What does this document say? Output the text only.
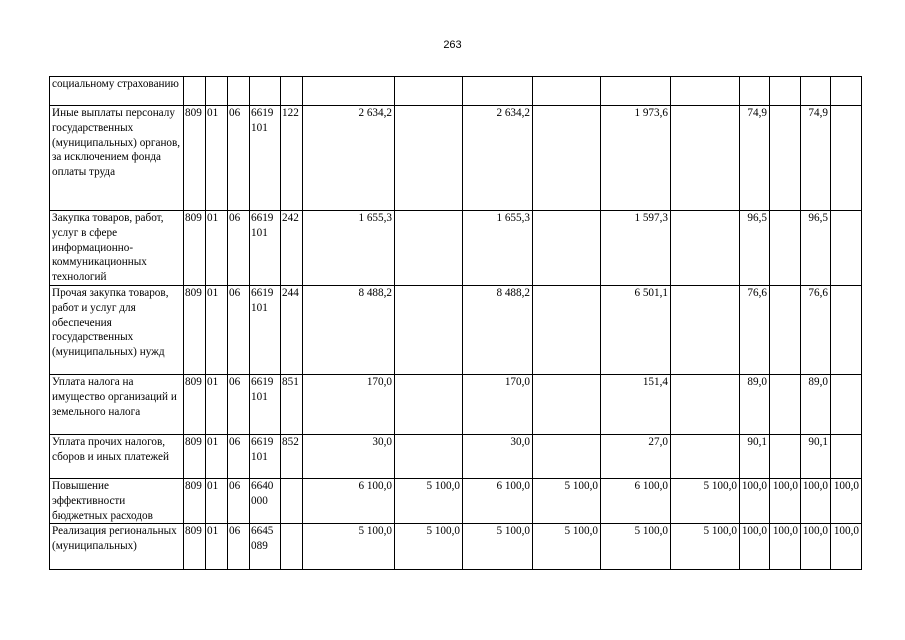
263
социальному страхованию															
Иные выплаты персоналу государственных (муниципальных) органов, за исключением фонда оплаты труда	809	01	06	6619 101	122	2 634,2		2 634,2		1 973,6		74,9		74,9	
Закупка товаров, работ, услуг в сфере информационно-коммуникационных технологий	809	01	06	6619 101	242	1 655,3		1 655,3		1 597,3		96,5		96,5	
Прочая закупка товаров, работ и услуг для обеспечения государственных (муниципальных) нужд	809	01	06	6619 101	244	8 488,2		8 488,2		6 501,1		76,6		76,6	
Уплата налога на имущество организаций и земельного налога	809	01	06	6619 101	851	170,0		170,0		151,4		89,0		89,0	
Уплата прочих налогов, сборов и иных платежей	809	01	06	6619 101	852	30,0		30,0		27,0		90,1		90,1	
Повышение эффективности бюджетных расходов	809	01	06	6640 000		6 100,0	5 100,0	6 100,0	5 100,0	6 100,0	5 100,0	100,0	100,0	100,0	100,0
Реализация региональных (муниципальных)	809	01	06	6645 089		5 100,0	5 100,0	5 100,0	5 100,0	5 100,0	5 100,0	100,0	100,0	100,0	100,0
